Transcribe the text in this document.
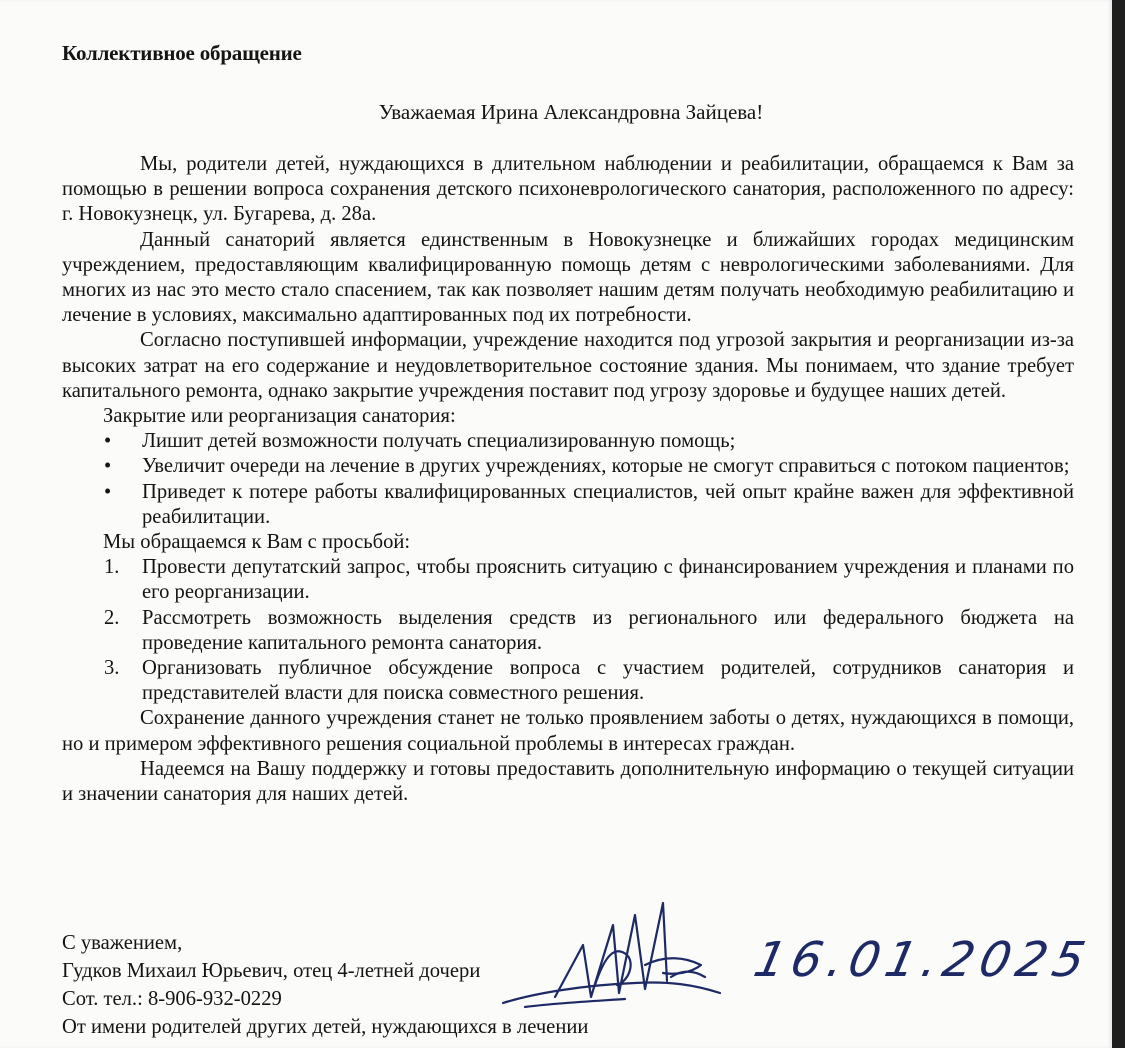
Коллективное обращение
Уважаемая Ирина Александровна Зайцева!

Мы, родители детей, нуждающихся в длительном наблюдении и реабилитации, обращаемся к Вам за помощью в решении вопроса сохранения детского психоневрологического санатория, расположенного по адресу: г. Новокузнецк, ул. Бугарева, д. 28а.

Данный санаторий является единственным в Новокузнецке и ближайших городах медицинским учреждением, предоставляющим квалифицированную помощь детям с неврологическими заболеваниями. Для многих из нас это место стало спасением, так как позволяет нашим детям получать необходимую реабилитацию и лечение в условиях, максимально адаптированных под их потребности.

Согласно поступившей информации, учреждение находится под угрозой закрытия и реорганизации из-за высоких затрат на его содержание и неудовлетворительное состояние здания. Мы понимаем, что здание требует капитального ремонта, однако закрытие учреждения поставит под угрозу здоровье и будущее наших детей.

Закрытие или реорганизация санатория:

• Лишит детей возможности получать специализированную помощь;
• Увеличит очереди на лечение в других учреждениях, которые не смогут справиться с потоком пациентов;
• Приведет к потере работы квалифицированных специалистов, чей опыт крайне важен для эффективной реабилитации.

Мы обращаемся к Вам с просьбой:

1. Провести депутатский запрос, чтобы прояснить ситуацию с финансированием учреждения и планами по его реорганизации.
2. Рассмотреть возможность выделения средств из регионального или федерального бюджета на проведение капитального ремонта санатория.
3. Организовать публичное обсуждение вопроса с участием родителей, сотрудников санатория и представителей власти для поиска совместного решения.

Сохранение данного учреждения станет не только проявлением заботы о детях, нуждающихся в помощи, но и примером эффективного решения социальной проблемы в интересах граждан.

Надеемся на Вашу поддержку и готовы предоставить дополнительную информацию о текущей ситуации и значении санатория для наших детей.

С уважением,
Гудков Михаил Юрьевич, отец 4-летней дочери
Сот. тел.: 8-906-932-0229
От имени родителей других детей, нуждающихся в лечении
16.01.2025
